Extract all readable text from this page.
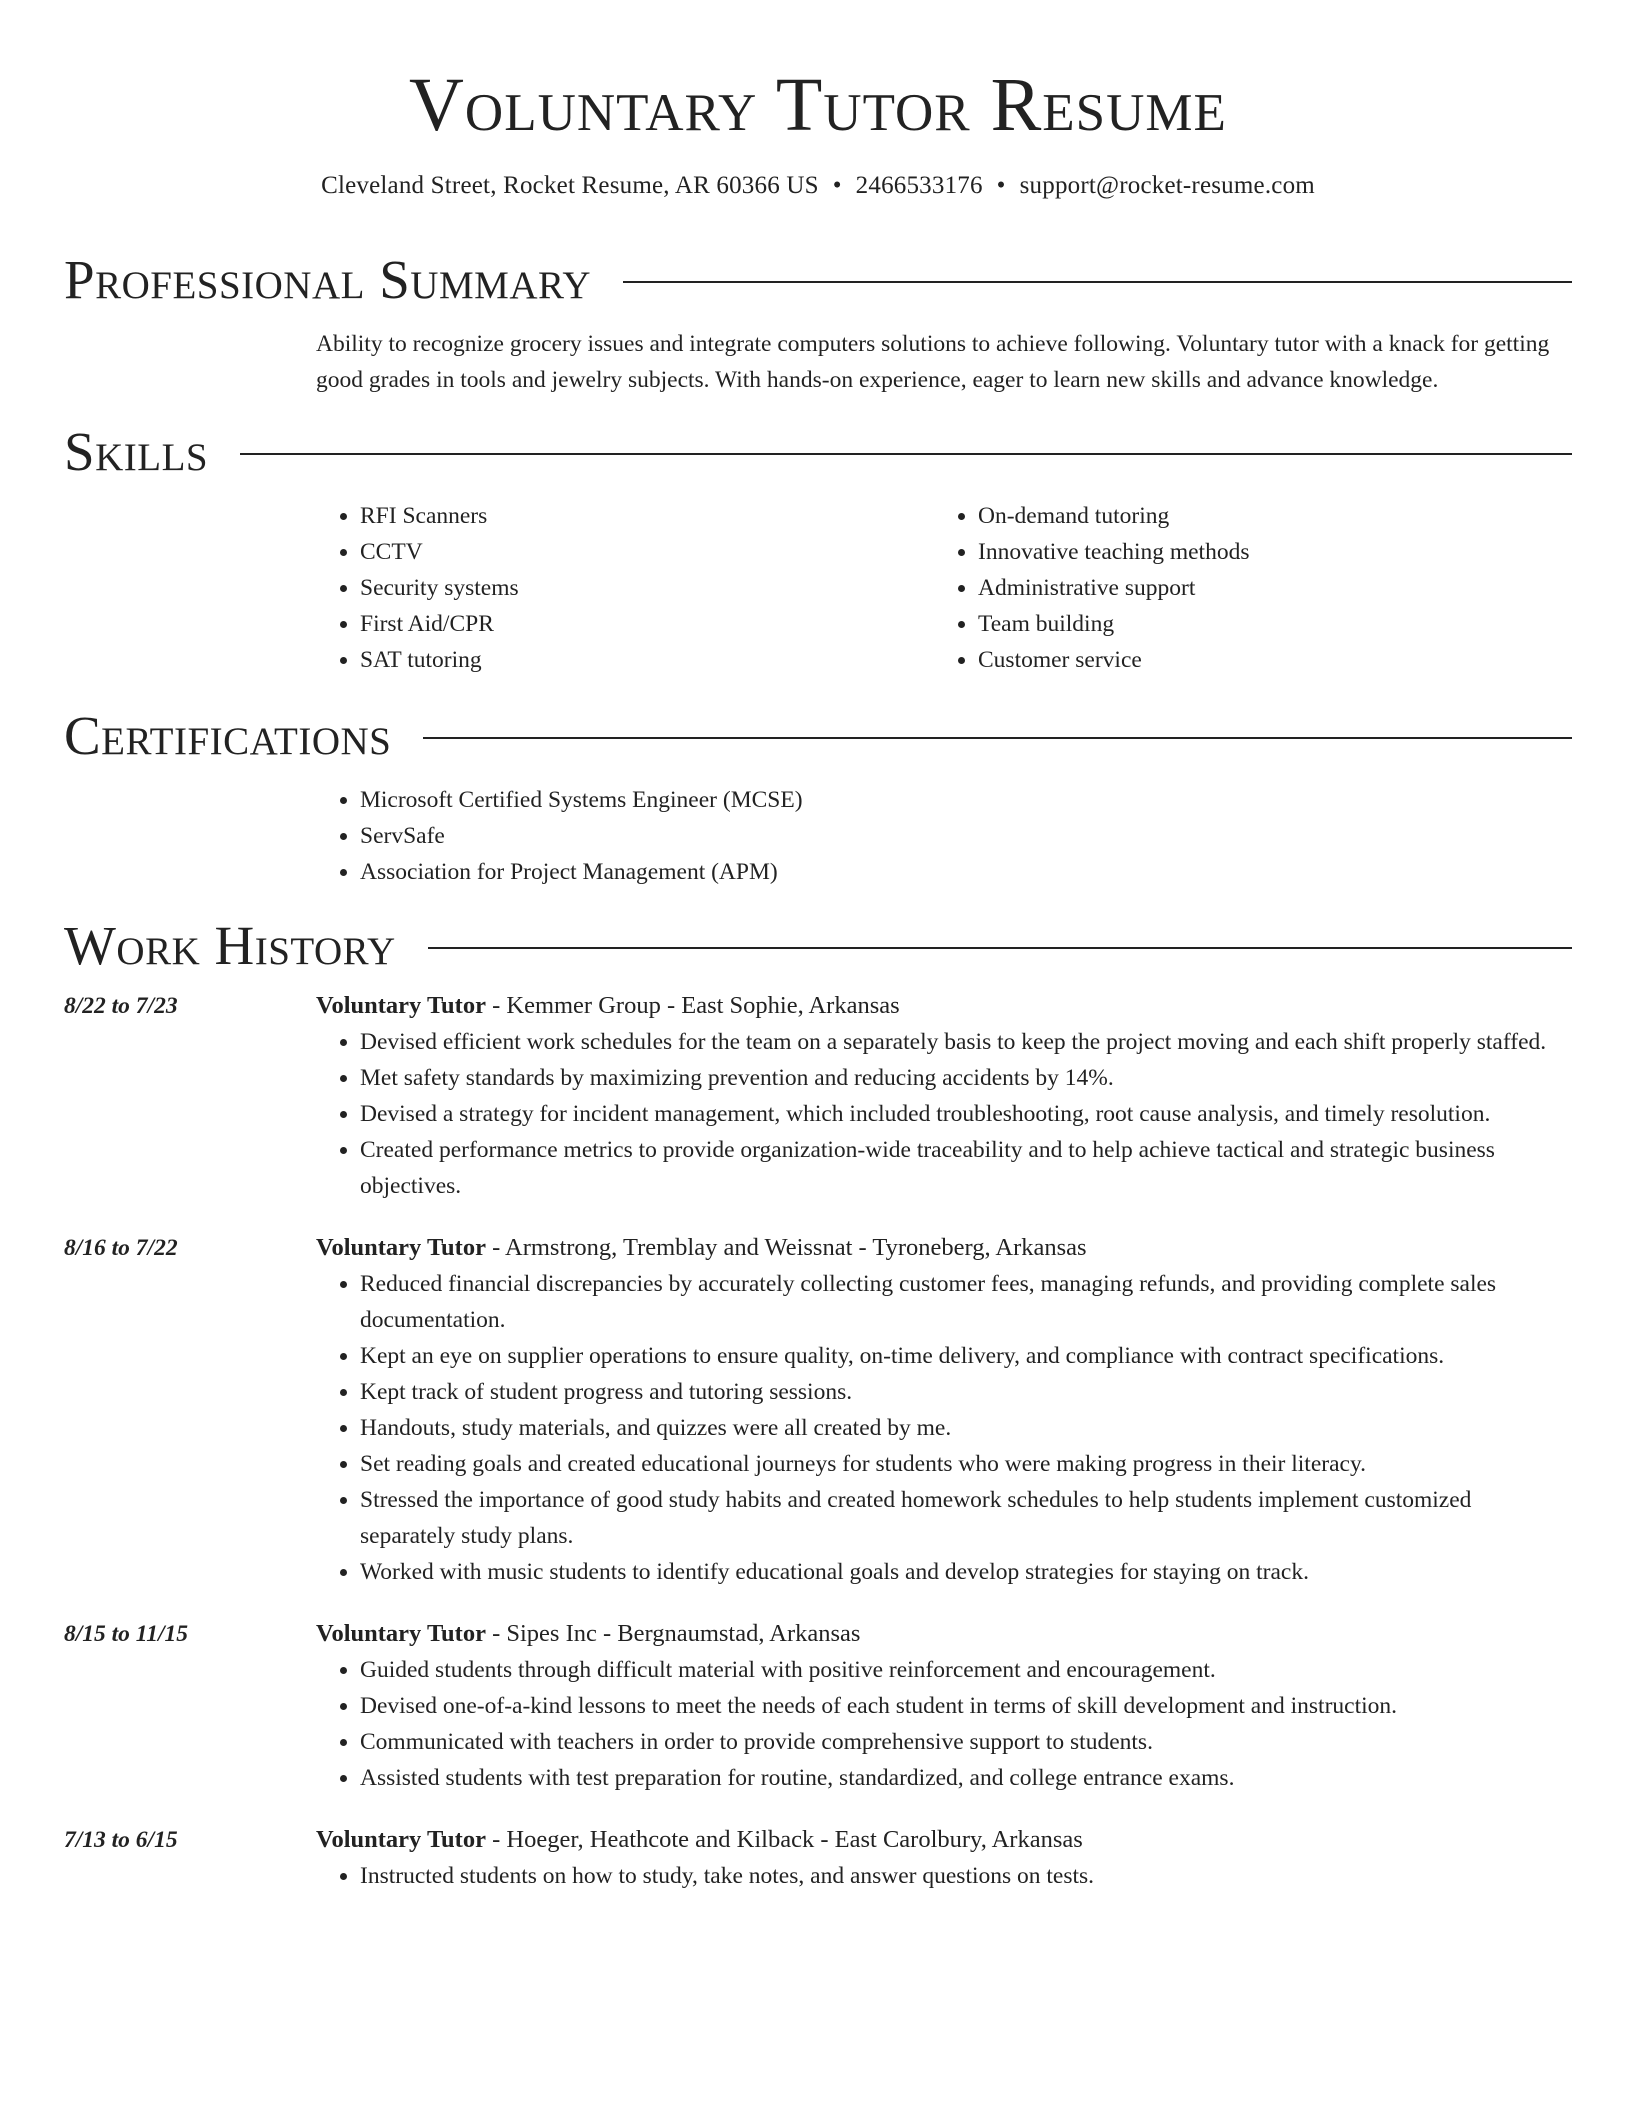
Voluntary Tutor Resume
Cleveland Street, Rocket Resume, AR 60366 US • 2466533176 • support@rocket-resume.com
Professional Summary
Ability to recognize grocery issues and integrate computers solutions to achieve following. Voluntary tutor with a knack for getting good grades in tools and jewelry subjects. With hands-on experience, eager to learn new skills and advance knowledge.
Skills
• RFI Scanners
• CCTV
• Security systems
• First Aid/CPR
• SAT tutoring
• On-demand tutoring
• Innovative teaching methods
• Administrative support
• Team building
• Customer service
Certifications
• Microsoft Certified Systems Engineer (MCSE)
• ServSafe
• Association for Project Management (APM)
Work History
8/22 to 7/23	Voluntary Tutor - Kemmer Group - East Sophie, Arkansas
• Devised efficient work schedules for the team on a separately basis to keep the project moving and each shift properly staffed.
• Met safety standards by maximizing prevention and reducing accidents by 14%.
• Devised a strategy for incident management, which included troubleshooting, root cause analysis, and timely resolution.
• Created performance metrics to provide organization-wide traceability and to help achieve tactical and strategic business objectives.
8/16 to 7/22	Voluntary Tutor - Armstrong, Tremblay and Weissnat - Tyroneberg, Arkansas
• Reduced financial discrepancies by accurately collecting customer fees, managing refunds, and providing complete sales documentation.
• Kept an eye on supplier operations to ensure quality, on-time delivery, and compliance with contract specifications.
• Kept track of student progress and tutoring sessions.
• Handouts, study materials, and quizzes were all created by me.
• Set reading goals and created educational journeys for students who were making progress in their literacy.
• Stressed the importance of good study habits and created homework schedules to help students implement customized separately study plans.
• Worked with music students to identify educational goals and develop strategies for staying on track.
8/15 to 11/15	Voluntary Tutor - Sipes Inc - Bergnaumstad, Arkansas
• Guided students through difficult material with positive reinforcement and encouragement.
• Devised one-of-a-kind lessons to meet the needs of each student in terms of skill development and instruction.
• Communicated with teachers in order to provide comprehensive support to students.
• Assisted students with test preparation for routine, standardized, and college entrance exams.
7/13 to 6/15	Voluntary Tutor - Hoeger, Heathcote and Kilback - East Carolbury, Arkansas
• Instructed students on how to study, take notes, and answer questions on tests.
